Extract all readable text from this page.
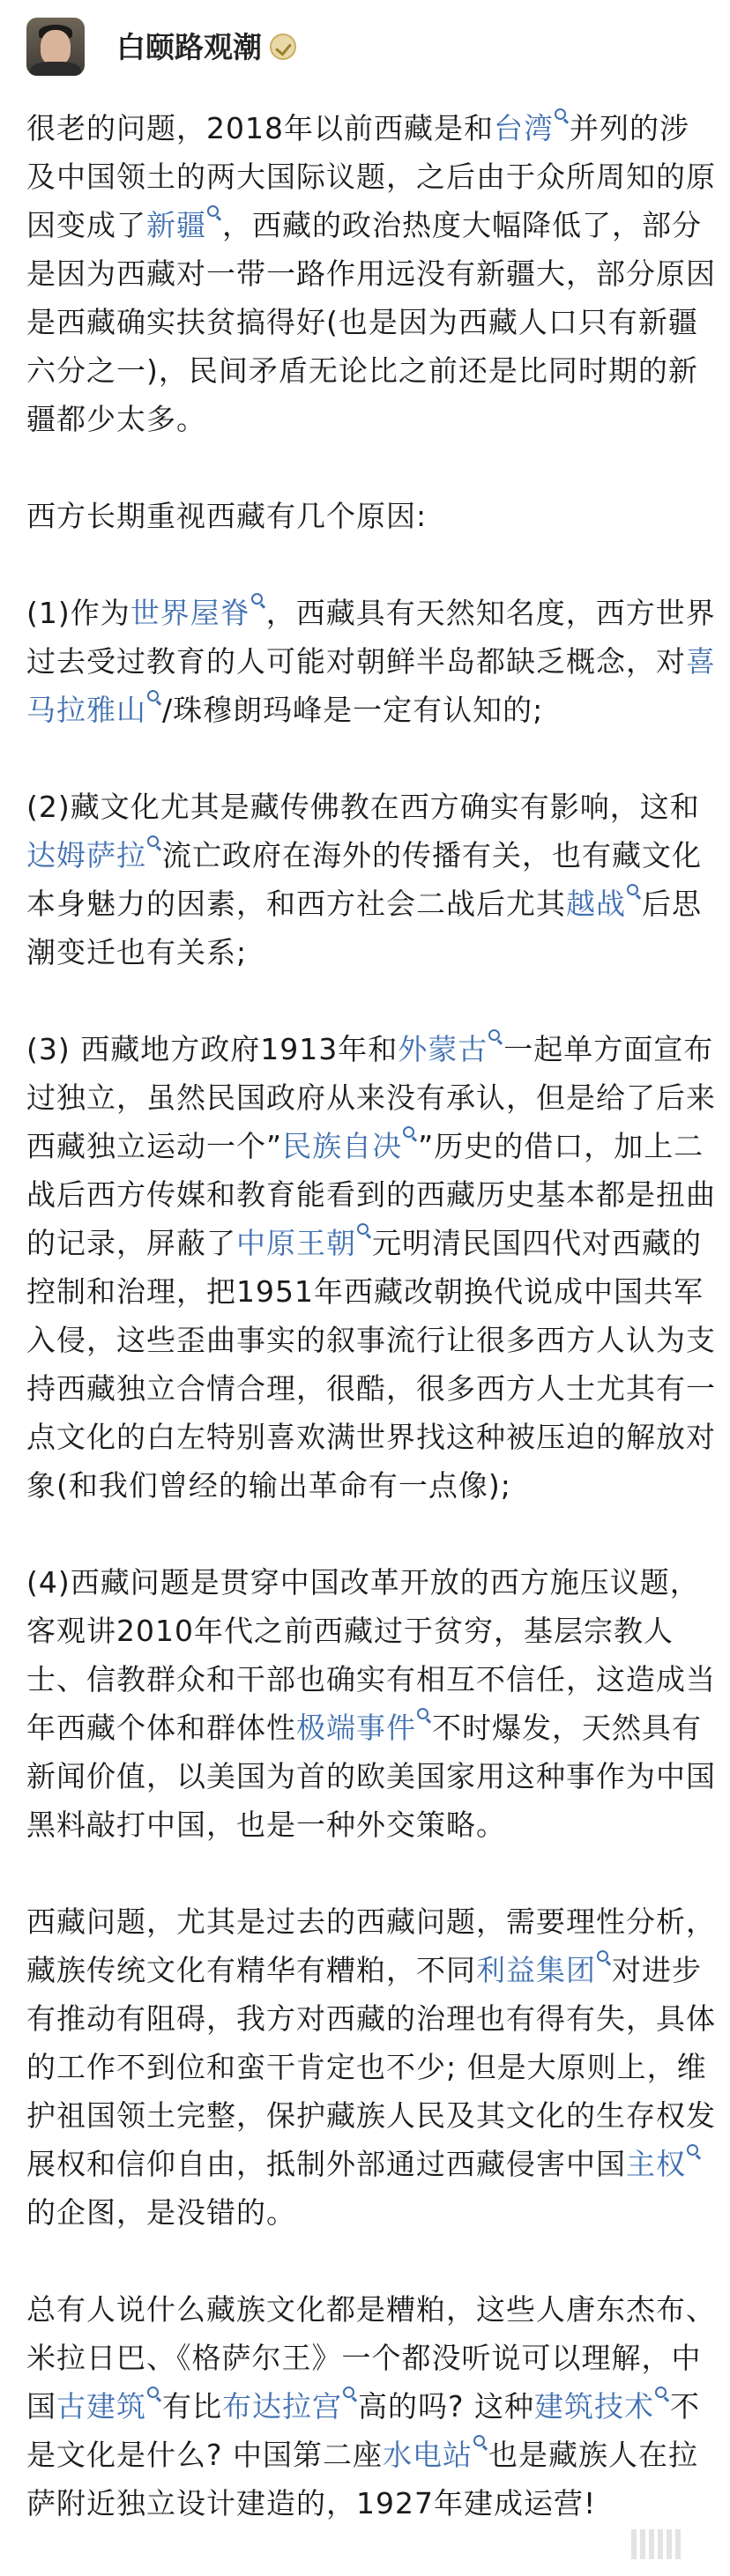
白颐路观潮

很老的问题，2018年以前西藏是和台湾 并列的涉及中国领土的两大国际议题，之后由于众所周知的原因变成了新疆 ，西藏的政治热度大幅降低了，部分是因为西藏对一带一路作用远没有新疆大，部分原因是西藏确实扶贫搞得好(也是因为西藏人口只有新疆六分之一)，民间矛盾无论比之前还是比同时期的新疆都少太多。

西方长期重视西藏有几个原因:

(1)作为世界屋脊 ，西藏具有天然知名度，西方世界过去受过教育的人可能对朝鲜半岛都缺乏概念，对喜马拉雅山 /珠穆朗玛峰是一定有认知的;

(2)藏文化尤其是藏传佛教在西方确实有影响，这和达姆萨拉 流亡政府在海外的传播有关，也有藏文化本身魅力的因素，和西方社会二战后尤其越战 后思潮变迁也有关系;

(3) 西藏地方政府1913年和外蒙古 一起单方面宣布过独立，虽然民国政府从来没有承认，但是给了后来西藏独立运动一个”民族自决 ”历史的借口，加上二战后西方传媒和教育能看到的西藏历史基本都是扭曲的记录，屏蔽了中原王朝 元明清民国四代对西藏的控制和治理，把1951年西藏改朝换代说成中国共军入侵，这些歪曲事实的叙事流行让很多西方人认为支持西藏独立合情合理，很酷，很多西方人士尤其有一点文化的白左特别喜欢满世界找这种被压迫的解放对象(和我们曾经的输出革命有一点像);

(4)西藏问题是贯穿中国改革开放的西方施压议题，客观讲2010年代之前西藏过于贫穷，基层宗教人士、信教群众和干部也确实有相互不信任，这造成当年西藏个体和群体性极端事件 不时爆发，天然具有新闻价值，以美国为首的欧美国家用这种事作为中国黑料敲打中国，也是一种外交策略。

西藏问题，尤其是过去的西藏问题，需要理性分析，藏族传统文化有精华有糟粕，不同利益集团 对进步有推动有阻碍，我方对西藏的治理也有得有失，具体的工作不到位和蛮干肯定也不少; 但是大原则上，维护祖国领土完整，保护藏族人民及其文化的生存权发展权和信仰自由，抵制外部通过西藏侵害中国主权的企图，是没错的。

总有人说什么藏族文化都是糟粕，这些人唐东杰布、米拉日巴、《格萨尔王》一个都没听说可以理解，中国古建筑 有比布达拉宫 高的吗? 这种建筑技术 不是文化是什么? 中国第二座水电站 也是藏族人在拉萨附近独立设计建造的，1927年建成运营!
